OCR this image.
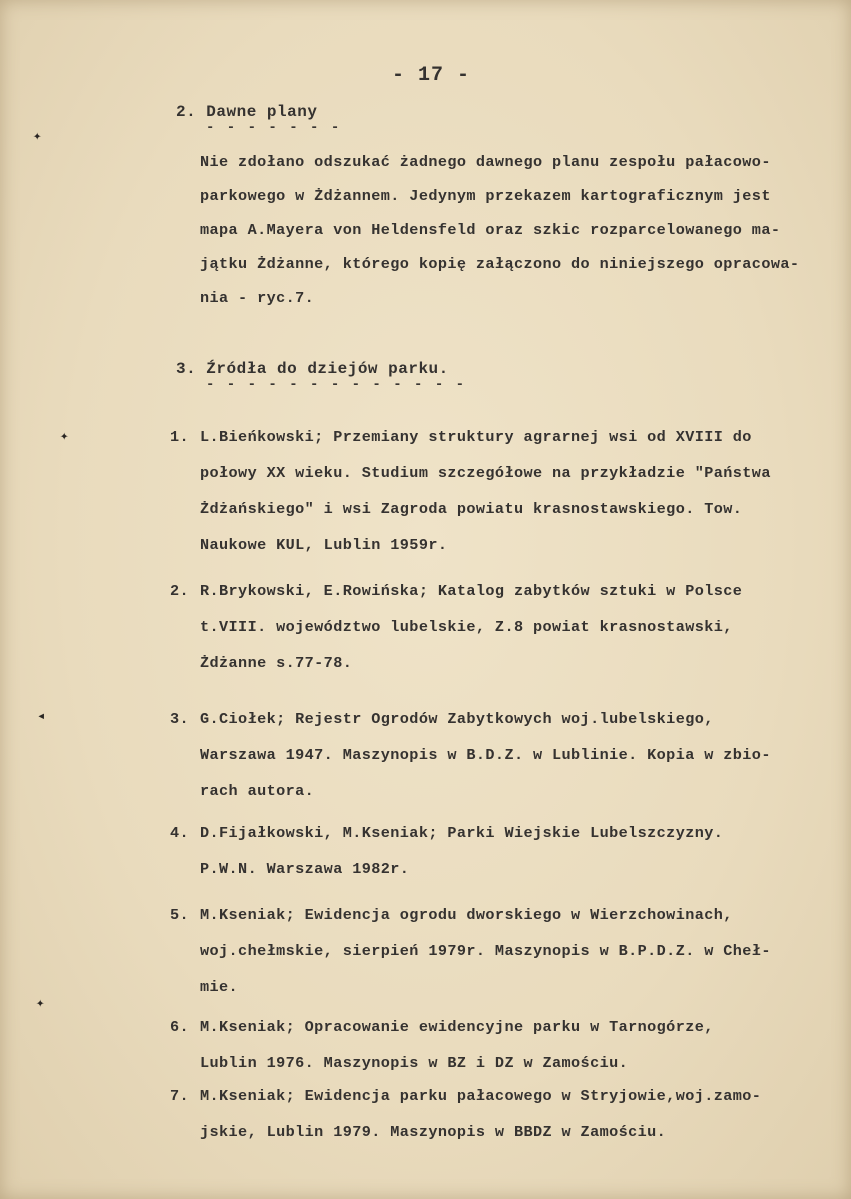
✦
✦
◂
✦
- 17 -
2. Dawne plany
- - - - - - -
Nie zdołano odszukać żadnego dawnego planu zespołu pałacowo-
parkowego w Żdżannem. Jedynym przekazem kartograficznym jest
mapa A.Mayera von Heldensfeld oraz szkic rozparcelowanego ma-
jątku Żdżanne, którego kopię załączono do niniejszego opracowa-
nia - ryc.7.
3. Źródła do dziejów parku.
- - - - - - - - - - - - -
1. L.Bieńkowski; Przemiany struktury agrarnej wsi od XVIII do
połowy XX wieku. Studium szczegółowe na przykładzie "Państwa
Żdżańskiego" i wsi Zagroda powiatu krasnostawskiego. Tow.
Naukowe KUL, Lublin 1959r.
2. R.Brykowski, E.Rowińska; Katalog zabytków sztuki w Polsce
t.VIII. województwo lubelskie, Z.8 powiat krasnostawski,
Żdżanne s.77-78.
3. G.Ciołek; Rejestr Ogrodów Zabytkowych woj.lubelskiego,
Warszawa 1947. Maszynopis w B.D.Z. w Lublinie. Kopia w zbio-
rach autora.
4. D.Fijałkowski, M.Kseniak; Parki Wiejskie Lubelszczyzny.
P.W.N. Warszawa 1982r.
5. M.Kseniak; Ewidencja ogrodu dworskiego w Wierzchowinach,
woj.chełmskie, sierpień 1979r. Maszynopis w B.P.D.Z. w Cheł-
mie.
6. M.Kseniak; Opracowanie ewidencyjne parku w Tarnogórze,
Lublin 1976. Maszynopis w BZ i DZ w Zamościu.
7. M.Kseniak; Ewidencja parku pałacowego w Stryjowie,woj.zamo-
jskie, Lublin 1979. Maszynopis w BBDZ w Zamościu.
